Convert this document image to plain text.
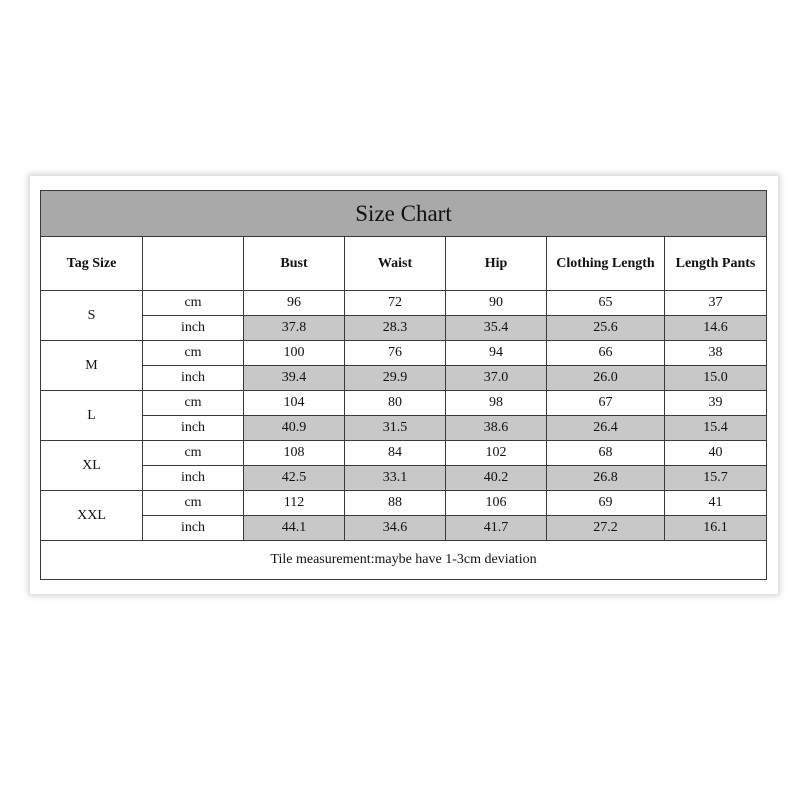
Size Chart						
Tag Size		Bust	Waist	Hip	Clothing Length	Length Pants
S	cm	96	72	90	65	37
	inch	37.8	28.3	35.4	25.6	14.6
M	cm	100	76	94	66	38
	inch	39.4	29.9	37.0	26.0	15.0
L	cm	104	80	98	67	39
	inch	40.9	31.5	38.6	26.4	15.4
XL	cm	108	84	102	68	40
	inch	42.5	33.1	40.2	26.8	15.7
XXL	cm	112	88	106	69	41
	inch	44.1	34.6	41.7	27.2	16.1
Tile measurement:maybe have 1-3cm deviation						
